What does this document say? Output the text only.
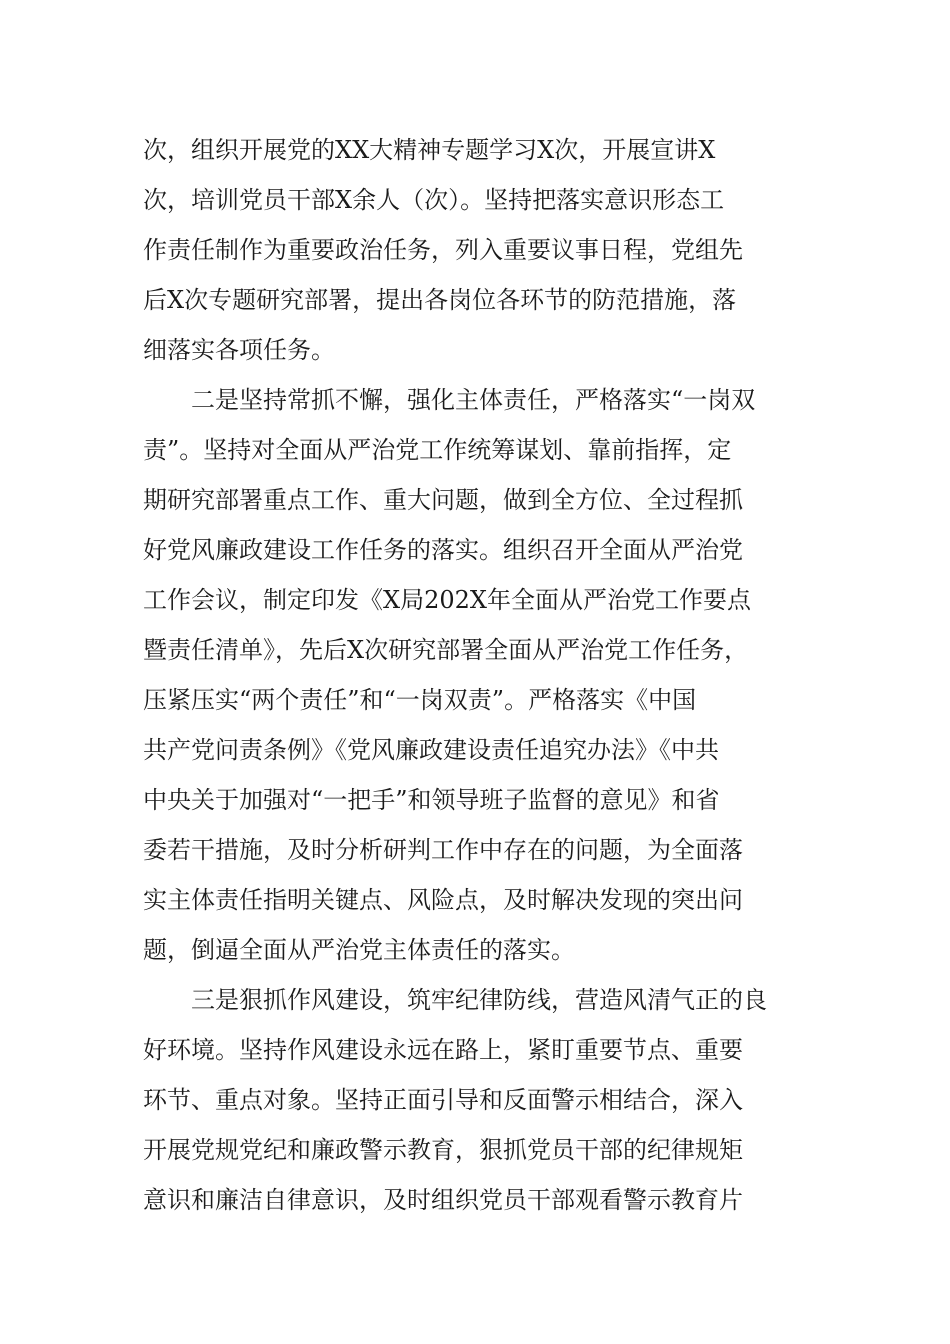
次，组织开展党的XX大精神专题学习X次，开展宣讲X
次，培训党员干部X余人（次）。坚持把落实意识形态工
作责任制作为重要政治任务，列入重要议事日程，党组先
后X次专题研究部署，提出各岗位各环节的防范措施，落
细落实各项任务。
二是坚持常抓不懈，强化主体责任，严格落实“一岗双
责”。坚持对全面从严治党工作统筹谋划、靠前指挥，定
期研究部署重点工作、重大问题，做到全方位、全过程抓
好党风廉政建设工作任务的落实。组织召开全面从严治党
工作会议，制定印发《X局202X年全面从严治党工作要点
暨责任清单》，先后X次研究部署全面从严治党工作任务，
压紧压实“两个责任”和“一岗双责”。严格落实《中国
共产党问责条例》《党风廉政建设责任追究办法》《中共
中央关于加强对“一把手”和领导班子监督的意见》和省
委若干措施，及时分析研判工作中存在的问题，为全面落
实主体责任指明关键点、风险点，及时解决发现的突出问
题，倒逼全面从严治党主体责任的落实。
三是狠抓作风建设，筑牢纪律防线，营造风清气正的良
好环境。坚持作风建设永远在路上，紧盯重要节点、重要
环节、重点对象。坚持正面引导和反面警示相结合，深入
开展党规党纪和廉政警示教育，狠抓党员干部的纪律规矩
意识和廉洁自律意识，及时组织党员干部观看警示教育片
